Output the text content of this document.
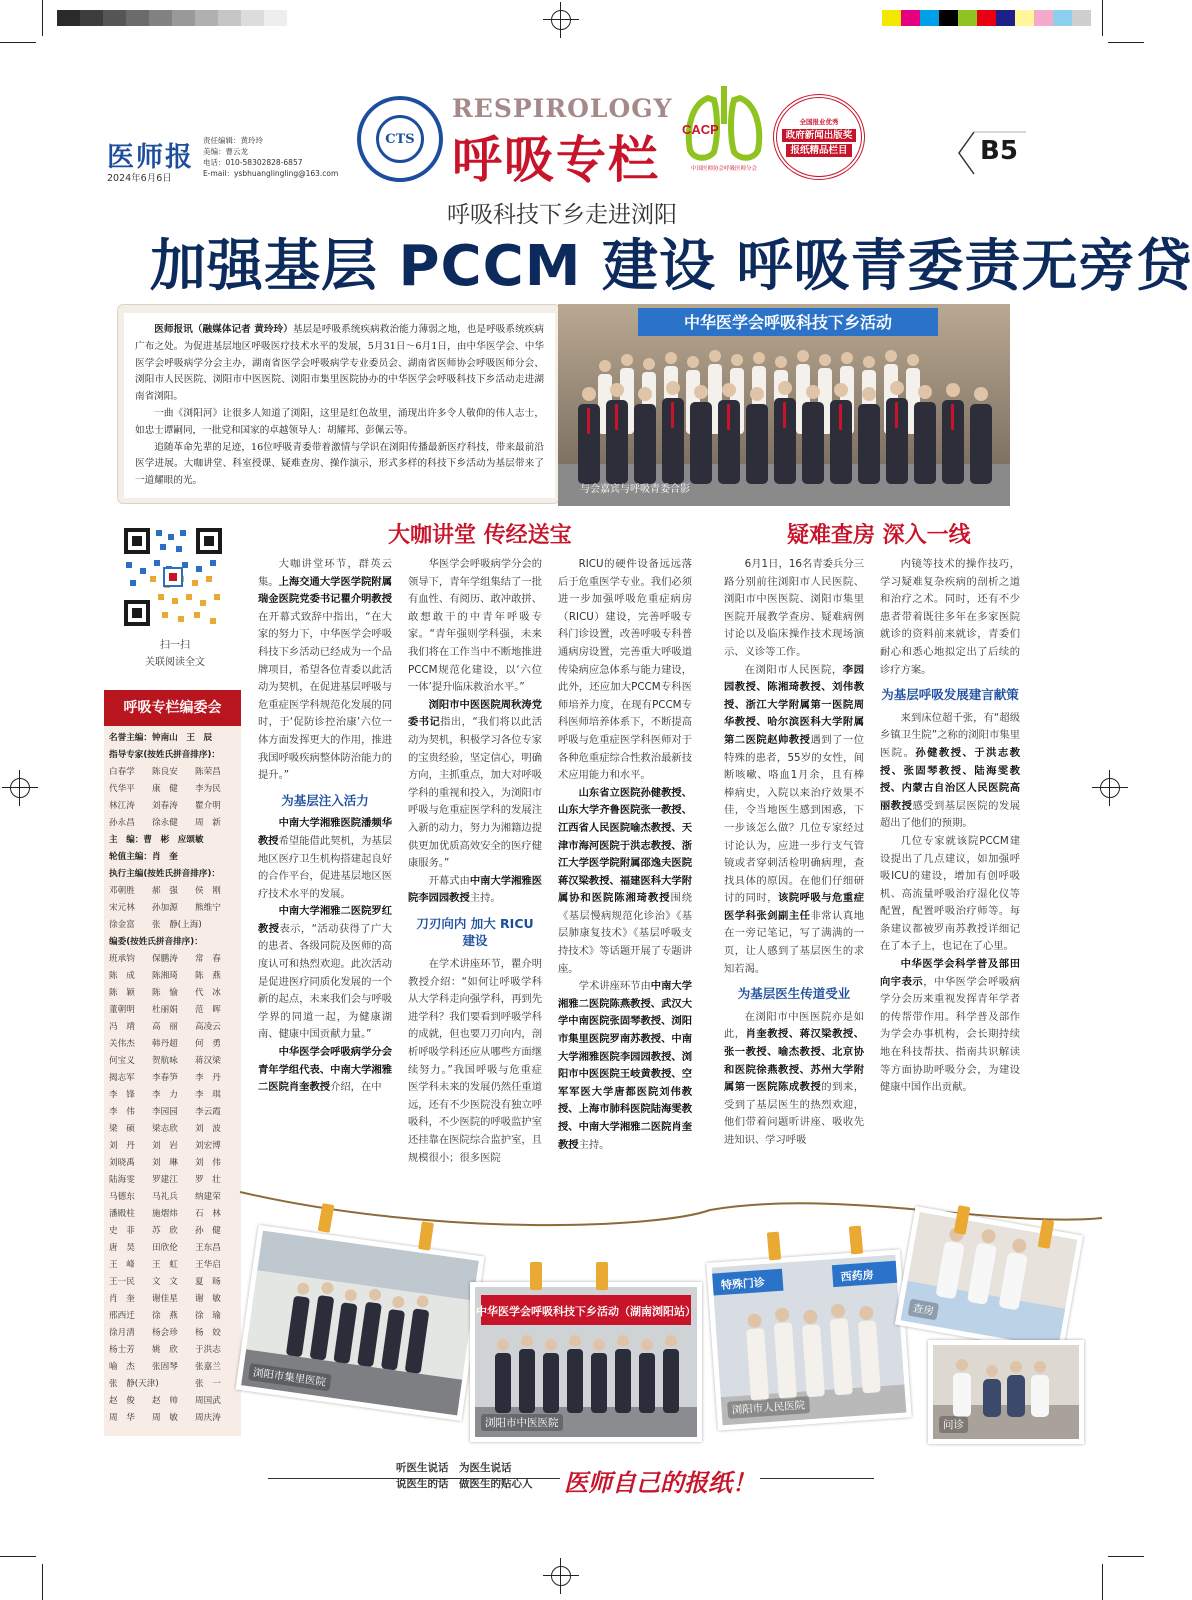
医师报
2024年6月6日
责任编辑：黄玲玲
美编：曹云龙
电话：010-58302828-6857
E-mail：ysbhuanglingling@163.com
CTS
RESPIROLOGY
呼吸专栏
CACP
中国医师协会呼吸医师分会
全国报业优秀
政府新闻出版奖
报纸精品栏目	B5
呼吸科技下乡走进浏阳
加强基层 PCCM 建设 呼吸青委责无旁贷

医师报讯（融媒体记者 黄玲玲）基层是呼吸系统疾病救治能力薄弱之地，也是呼吸系统疾病广布之处。为促进基层地区呼吸医疗技术水平的发展，5月31日～6月1日，由中华医学会、中华医学会呼吸病学分会主办，湖南省医学会呼吸病学专业委员会、湖南省医师协会呼吸医师分会、浏阳市人民医院、浏阳市中医医院、浏阳市集里医院协办的中华医学会呼吸科技下乡活动走进湖南省浏阳。

一曲《浏阳河》让很多人知道了浏阳，这里是红色故里，涌现出许多令人敬仰的伟人志士，如忠士谭嗣同，一批党和国家的卓越领导人：胡耀邦、彭佩云等。

追随革命先辈的足迹，16位呼吸青委带着激情与学识在浏阳传播最新医疗科技，带来最前沿医学进展。大咖讲堂、科室授课、疑难查房、操作演示，形式多样的科技下乡活动为基层带来了一道耀眼的光。

中华医学会呼吸科技下乡活动
与会嘉宾与呼吸青委合影
扫一扫
关联阅读全文
呼吸专栏编委会
名誉主编：钟南山　王　辰
指导专家(按姓氏拼音排序)：
白春学	陈良安	陈荣昌
代华平	康　健	李为民
林江涛	刘春涛	瞿介明
孙永昌	徐永健	周　新
主　编：曹　彬　应颂敏
轮值主编：肖　奎
执行主编(按姓氏拼音排序)：
邓朝胜	郝　强	侯　刚
宋元林	孙加源	熊维宁
徐金富	张　静(上海)
编委(按姓氏拼音排序)：
班承钧	保鹏涛	常　春
陈　成	陈湘琦	陈　燕
陈　颖	陈　愉	代　冰
董朝明	杜丽娟	范　晖
冯　靖	高　丽	高凌云
关伟杰	韩丹超	何　勇
何宝义	贺航咏	蒋汉梁
揭志军	李春笋	李　丹
李　锋	李　力	李　琪
李　伟	李园园	李云霞
梁　硕	梁志欣	刘　波
刘　丹	刘　岩	刘宏博
刘晓禹	刘　琳	刘　伟
陆海雯	罗建江	罗　壮
马德东	马礼兵	纳建荣
潘殿柱	施熠炜	石　林
史　菲	苏　欣	孙　健
唐　昊	田欣伦	王东昌
王　峰	王　虹	王华启
王一民	文　文	夏　旸
肖　奎	谢佳星	谢　敏
邢西迁	徐　燕	徐　瑜
徐月清	杨会珍	杨　姣
杨士芳	姚　欣	于洪志
喻　杰	张固琴	张嘉兰
张　静(天津)	张　一
赵　俊	赵　帅	周国武
周　华	周　敏	周庆涛
大咖讲堂 传经送宝	疑难查房 深入一线

大咖讲堂环节，群英云集。上海交通大学医学院附属瑞金医院党委书记瞿介明教授在开幕式致辞中指出，“在大家的努力下，中华医学会呼吸科技下乡活动已经成为一个品牌项目，希望各位青委以此活动为契机，在促进基层呼吸与危重症医学科规范化发展的同时，于‘促防诊控治康’六位一体方面发挥更大的作用，推进我国呼吸疾病整体防治能力的提升。”

为基层注入活力

中南大学湘雅医院潘频华教授希望能借此契机，为基层地区医疗卫生机构搭建起良好的合作平台，促进基层地区医疗技术水平的发展。

中南大学湘雅二医院罗红教授表示，“活动获得了广大的患者、各级同院及医师的高度认可和热烈欢迎。此次活动是促进医疗同质化发展的一个新的起点，未来我们会与呼吸学界的同道一起，为健康湖南、健康中国贡献力量。”

中华医学会呼吸病学分会青年学组代表、中南大学湘雅二医院肖奎教授介绍，在中

华医学会呼吸病学分会的领导下，青年学组集结了一批有血性、有阅历、敢冲敢拼、敢想敢干的中青年呼吸专家。“青年强则学科强，未来我们将在工作当中不断地推进PCCM规范化建设，以‘六位一体’提升临床救治水平。”

浏阳市中医医院周秋涛党委书记指出，“我们将以此活动为契机，积极学习各位专家的宝贵经验，坚定信心，明确方向，主抓重点，加大对呼吸学科的重视和投入，为浏阳市呼吸与危重症医学科的发展注入新的动力，努力为湘籍边提供更加优质高效安全的医疗健康服务。”

开幕式由中南大学湘雅医院李园园教授主持。

刀刃向内 加大 RICU 建设

在学术讲座环节，瞿介明教授介绍：“如何让呼吸学科从大学科走向强学科，再到先进学科？我们要看到呼吸学科的成就，但也要刀刃向内，剖析呼吸学科还应从哪些方面继续努力。”我国呼吸与危重症医学科未来的发展仍然任重道远，还有不少医院没有独立呼吸科，不少医院的呼吸监护室还挂靠在医院综合监护室，且规模很小；很多医院

RICU的硬件设备远远落后于危重医学专业。我们必须进一步加强呼吸危重症病房（RICU）建设，完善呼吸专科门诊设置，改善呼吸专科普通病房设置，完善重大呼吸道传染病应急体系与能力建设，此外，还应加大PCCM专科医师培养力度，在现有PCCM专科医师培养体系下，不断提高呼吸与危重症医学科医师对于各种危重症综合性救治最新技术应用能力和水平。

山东省立医院孙健教授、山东大学齐鲁医院张一教授、江西省人民医院喻杰教授、天津市海河医院于洪志教授、浙江大学医学院附属邵逸夫医院蒋汉梁教授、福建医科大学附属协和医院陈湘琦教授围绕《基层慢病规范化诊治》《基层肺康复技术》《基层呼吸支持技术》等话题开展了专题讲座。

学术讲座环节由中南大学湘雅二医院陈燕教授、武汉大学中南医院张固琴教授、浏阳市集里医院罗南苏教授、中南大学湘雅医院李园园教授、浏阳市中医医院王岐黄教授、空军军医大学唐都医院刘伟教授、上海市肺科医院陆海雯教授、中南大学湘雅二医院肖奎教授主持。

6月1日，16名青委兵分三路分别前往浏阳市人民医院、浏阳市中医医院、浏阳市集里医院开展教学查房、疑难病例讨论以及临床操作技术现场演示、义诊等工作。

在浏阳市人民医院，李园园教授、陈湘琦教授、刘伟教授、浙江大学附属第一医院周华教授、哈尔滨医科大学附属第二医院赵帅教授遇到了一位特殊的患者，55岁的女性，间断咳嗽、咯血1月余，且有棒棒病史，入院以来治疗效果不佳，令当地医生感到困惑，下一步该怎么做？几位专家经过讨论认为，应进一步行支气管镜或者穿刺活检明确病理，查找具体的原因。在他们仔细研讨的同时，该院呼吸与危重症医学科张剑副主任非常认真地在一旁记笔记，写了满满的一页，让人感到了基层医生的求知若渴。

为基层医生传道受业

在浏阳市中医医院亦是如此，肖奎教授、蒋汉梁教授、张一教授、喻杰教授、北京协和医院徐燕教授、苏州大学附属第一医院陈成教授的到来，受到了基层医生的热烈欢迎，他们带着问题听讲座、吸收先进知识、学习呼吸

内镜等技术的操作技巧，学习疑难复杂疾病的剖析之道和治疗之术。同时，还有不少患者带着既往多年在多家医院就诊的资料前来就诊，青委们耐心和悉心地拟定出了后续的诊疗方案。

为基层呼吸发展建言献策

来到床位超千张，有“超级乡镇卫生院”之称的浏阳市集里医院。孙健教授、于洪志教授、张固琴教授、陆海雯教授、内蒙古自治区人民医院高丽教授感受到基层医院的发展超出了他们的预期。

几位专家就该院PCCM建设提出了几点建议，如加强呼吸ICU的建设，增加有创呼吸机、高流量呼吸治疗湿化仪等配置，配置呼吸治疗师等。每条建议都被罗南苏教授详细记在了本子上，也记在了心里。

中华医学会科学普及部田向宇表示，中华医学会呼吸病学分会历来重视发挥青年学者的传帮带作用。科学普及部作为学会办事机构，会长期持续地在科技帮扶、指南共识解读等方面协助呼吸分会，为建设健康中国作出贡献。

浏阳市集里医院
中华医学会呼吸科技下乡活动（湖南浏阳站）
浏阳市中医医院
特殊门诊	西药房
浏阳市人民医院
查房
问诊
听医生说话　为医生说话
说医生的话　做医生的贴心人 医师自己的报纸！
